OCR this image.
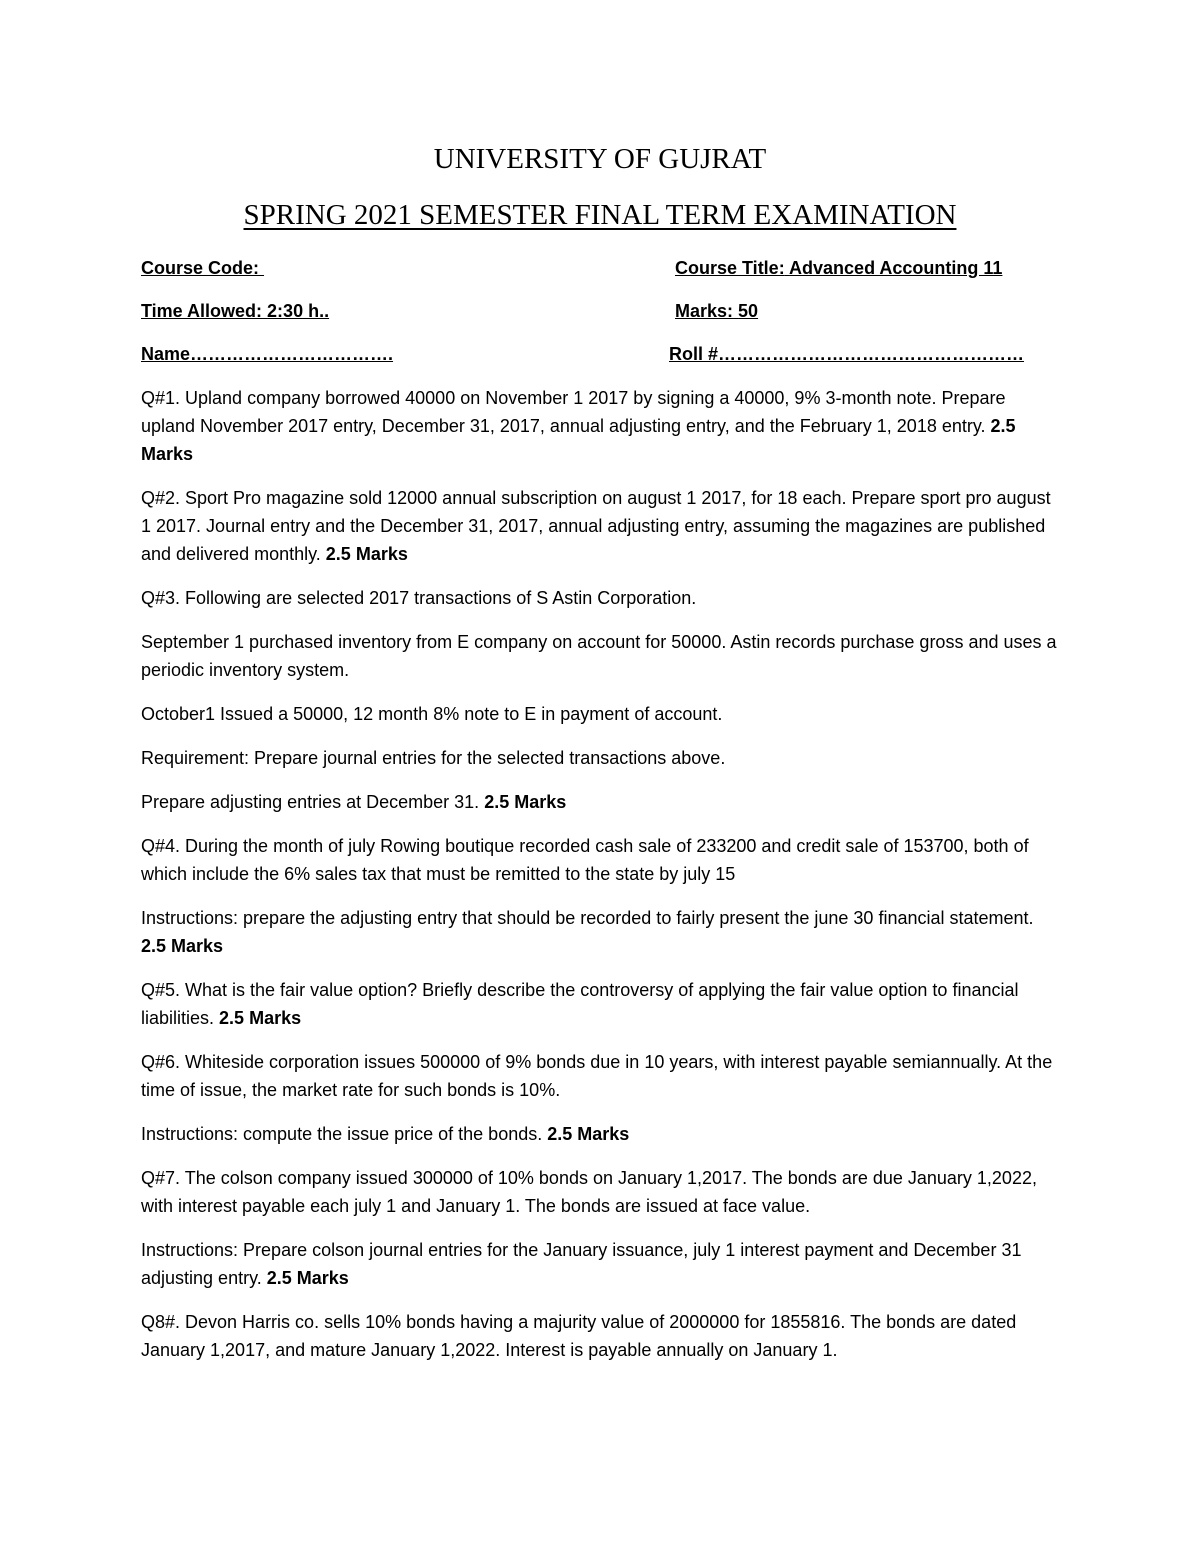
UNIVERSITY OF GUJRAT
SPRING 2021 SEMESTER FINAL TERM EXAMINATION
Course Code:	Course Title: Advanced Accounting 11
Time Allowed: 2:30 h..	Marks: 50
Name…………………………….	Roll #……………………………………………

Q#1. Upland company borrowed 40000 on November 1 2017 by signing a 40000, 9% 3-month note. Prepare upland November 2017 entry, December 31, 2017, annual adjusting entry, and the February 1, 2018 entry. 2.5 Marks

Q#2. Sport Pro magazine sold 12000 annual subscription on august 1 2017, for 18 each. Prepare sport pro august 1 2017. Journal entry and the December 31, 2017, annual adjusting entry, assuming the magazines are published and delivered monthly. 2.5 Marks

Q#3. Following are selected 2017 transactions of S Astin Corporation.

September 1 purchased inventory from E company on account for 50000. Astin records purchase gross and uses a periodic inventory system.

October1 Issued a 50000, 12 month 8% note to E in payment of account.

Requirement: Prepare journal entries for the selected transactions above.

Prepare adjusting entries at December 31. 2.5 Marks

Q#4. During the month of july Rowing boutique recorded cash sale of 233200 and credit sale of 153700, both of which include the 6% sales tax that must be remitted to the state by july 15

Instructions: prepare the adjusting entry that should be recorded to fairly present the june 30 financial statement. 2.5 Marks

Q#5. What is the fair value option? Briefly describe the controversy of applying the fair value option to financial liabilities. 2.5 Marks

Q#6. Whiteside corporation issues 500000 of 9% bonds due in 10 years, with interest payable semiannually. At the time of issue, the market rate for such bonds is 10%.

Instructions: compute the issue price of the bonds. 2.5 Marks

Q#7. The colson company issued 300000 of 10% bonds on January 1,2017. The bonds are due January 1,2022, with interest payable each july 1 and January 1. The bonds are issued at face value.

Instructions: Prepare colson journal entries for the January issuance, july 1 interest payment and December 31 adjusting entry. 2.5 Marks

Q8#. Devon Harris co. sells 10% bonds having a majurity value of 2000000 for 1855816. The bonds are dated January 1,2017, and mature January 1,2022. Interest is payable annually on January 1.
